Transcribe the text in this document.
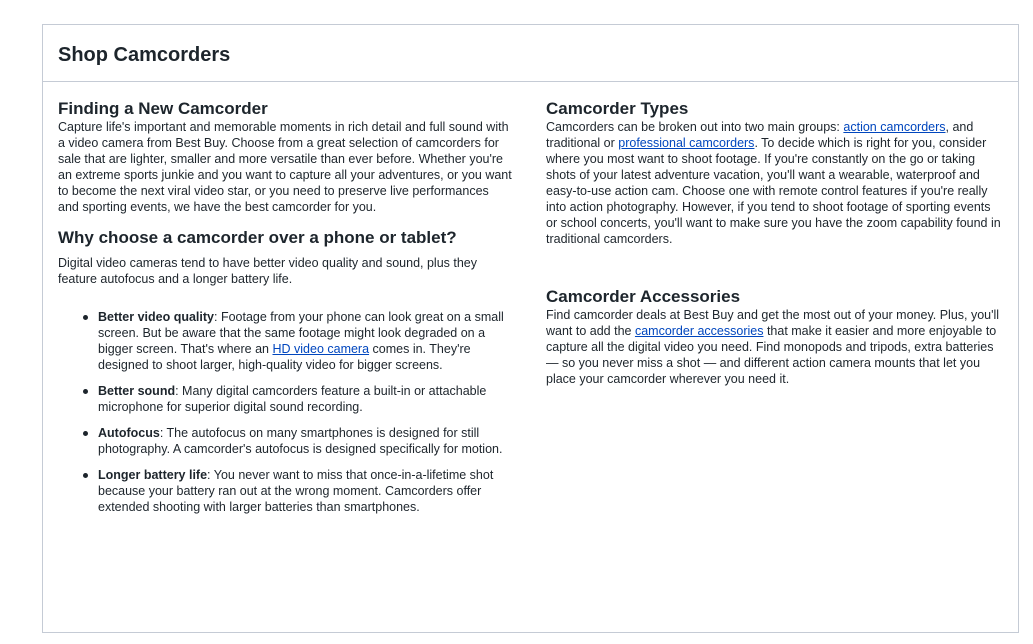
Shop Camcorders
Finding a New Camcorder

Capture life's important and memorable moments in rich detail and full sound with a video camera from Best Buy. Choose from a great selection of camcorders for sale that are lighter, smaller and more versatile than ever before. Whether you're an extreme sports junkie and you want to capture all your adventures, or you want to become the next viral video star, or you need to preserve live performances and sporting events, we have the best camcorder for you.

Why choose a camcorder over a phone or tablet?

Digital video cameras tend to have better video quality and sound, plus they feature autofocus and a longer battery life.

Better video quality: Footage from your phone can look great on a small screen. But be aware that the same footage might look degraded on a bigger screen. That's where an HD video camera comes in. They're designed to shoot larger, high-quality video for bigger screens.
Better sound: Many digital camcorders feature a built-in or attachable microphone for superior digital sound recording.
Autofocus: The autofocus on many smartphones is designed for still photography. A camcorder's autofocus is designed specifically for motion.
Longer battery life: You never want to miss that once-in-a-lifetime shot because your battery ran out at the wrong moment. Camcorders offer extended shooting with larger batteries than smartphones.
Camcorder Types

Camcorders can be broken out into two main groups: action camcorders, and traditional or professional camcorders. To decide which is right for you, consider where you most want to shoot footage. If you're constantly on the go or taking shots of your latest adventure vacation, you'll want a wearable, waterproof and easy-to-use action cam. Choose one with remote control features if you're really into action photography. However, if you tend to shoot footage of sporting events or school concerts, you'll want to make sure you have the zoom capability found in traditional camcorders.

Camcorder Accessories

Find camcorder deals at Best Buy and get the most out of your money. Plus, you'll want to add the camcorder accessories that make it easier and more enjoyable to capture all the digital video you need. Find monopods and tripods, extra batteries — so you never miss a shot — and different action camera mounts that let you place your camcorder wherever you need it.
